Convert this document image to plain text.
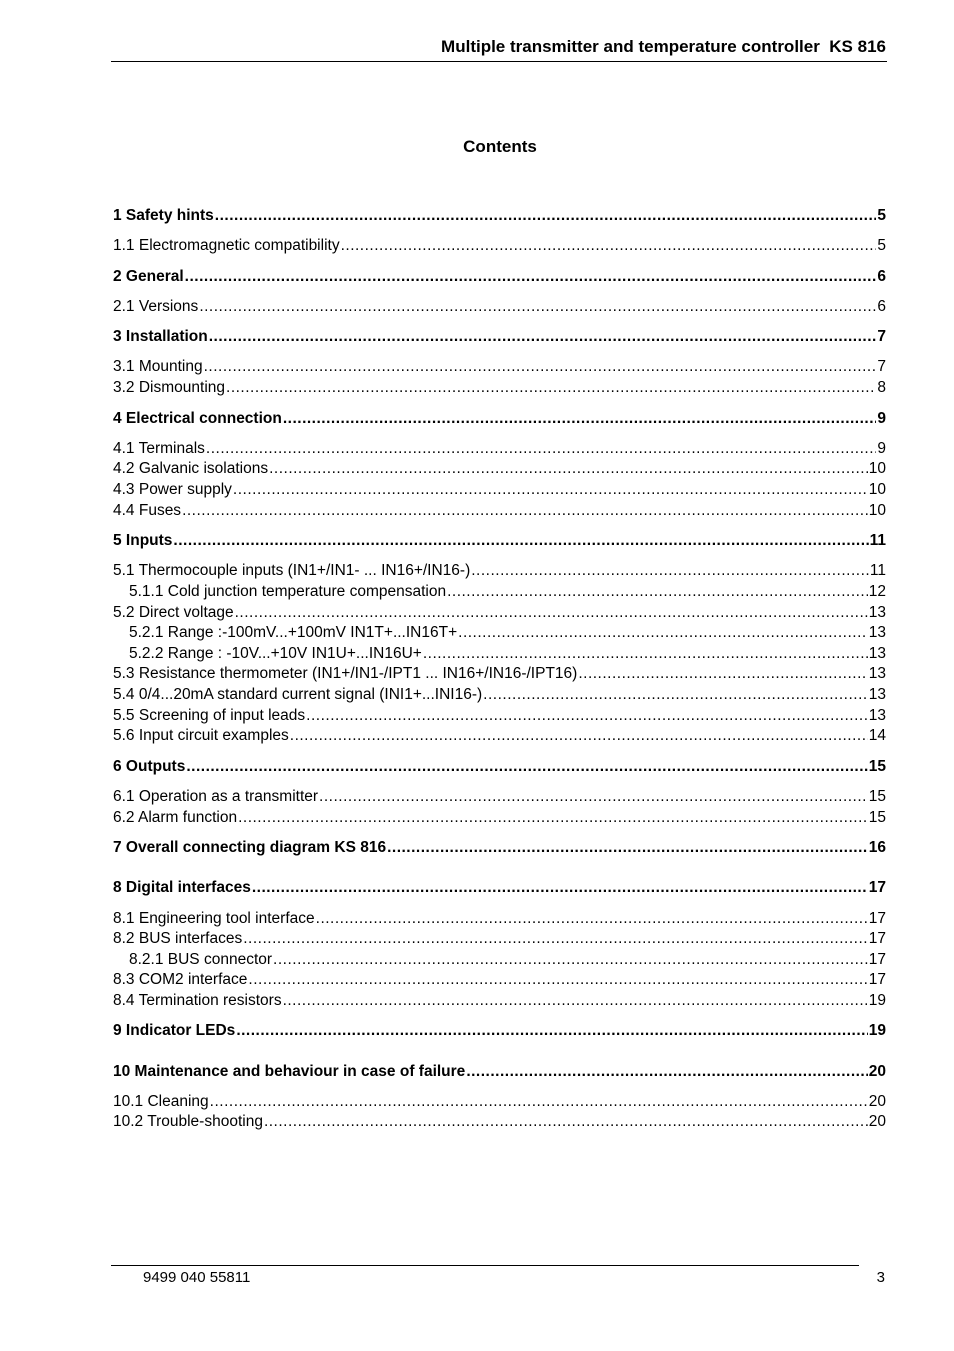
Multiple transmitter and temperature controller  KS 816
Contents
1 Safety hints .....	5
1.1 Electromagnetic compatibility .....	5
2 General .....	6
2.1 Versions .....	6
3 Installation .....	7
3.1 Mounting .....	7
3.2 Dismounting .....	8
4 Electrical connection .....	9
4.1 Terminals .....	9
4.2 Galvanic isolations .....	10
4.3 Power supply .....	10
4.4 Fuses .....	10
5 Inputs .....	11
5.1 Thermocouple inputs (IN1+/IN1- ... IN16+/IN16-) .....	11
5.1.1 Cold junction temperature compensation .....	12
5.2 Direct voltage .....	13
5.2.1 Range :-100mV...+100mV IN1T+...IN16T+ .....	13
5.2.2 Range : -10V...+10V IN1U+...IN16U+ .....	13
5.3 Resistance thermometer (IN1+/IN1-/IPT1 ... IN16+/IN16-/IPT16) .....	13
5.4 0/4...20mA standard current signal (INI1+...INI16-) .....	13
5.5 Screening of input leads .....	13
5.6 Input circuit examples .....	14
6 Outputs .....	15
6.1 Operation as a transmitter .....	15
6.2 Alarm function .....	15
7 Overall connecting diagram KS 816 .....	16
8 Digital interfaces .....	17
8.1 Engineering tool interface .....	17
8.2 BUS interfaces .....	17
8.2.1 BUS connector .....	17
8.3 COM2 interface .....	17
8.4 Termination resistors .....	19
9 Indicator LEDs .....	19
10 Maintenance and behaviour in case of failure .....	20
10.1 Cleaning .....	20
10.2 Trouble-shooting .....	20
9499 040 55811	3
